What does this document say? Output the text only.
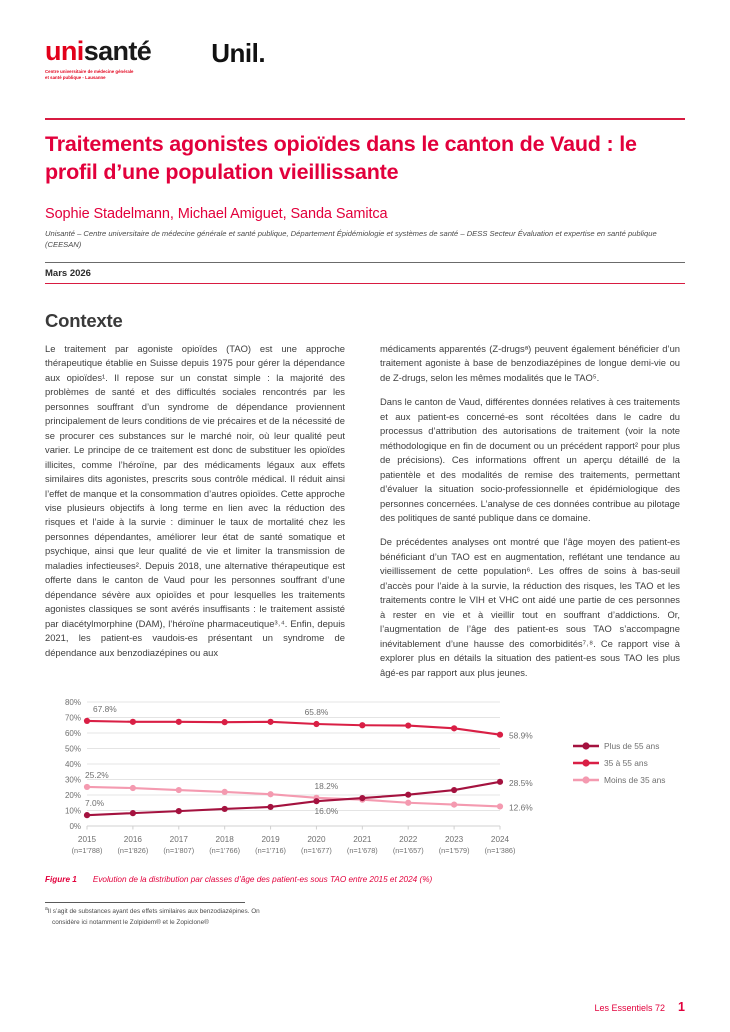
unisanté
Centre universitaire de médecine générale
et santé publique - Lausanne
Unil.
Traitements agonistes opioïdes dans le canton de Vaud : le profil d’une population vieillissante
Sophie Stadelmann, Michael Amiguet, Sanda Samitca
Unisanté – Centre universitaire de médecine générale et santé publique, Département Épidémiologie et systèmes de santé – DESS Secteur Évaluation et expertise en santé publique (CEESAN)
Mars 2026
Contexte

Le traitement par agoniste opioïdes (TAO) est une approche thérapeutique établie en Suisse depuis 1975 pour gérer la dépendance aux opioïdes¹. Il repose sur un constat simple : la majorité des problèmes de santé et des difficultés sociales rencontrés par les personnes souffrant d’un syndrome de dépendance proviennent principalement de leurs conditions de vie précaires et de la nécessité de se procurer ces substances sur le marché noir, où leur qualité peut varier. Le principe de ce traitement est donc de substituer les opioïdes illicites, comme l’héroïne, par des médicaments légaux aux effets similaires dits agonistes, prescrits sous contrôle médical. Il réduit ainsi l’effet de manque et la consommation d’autres opioïdes. Cette approche vise plusieurs objectifs à long terme en lien avec la réduction des risques et l’aide à la survie : diminuer le taux de mortalité chez les personnes dépendantes, améliorer leur état de santé somatique et psychique, ainsi que leur qualité de vie et limiter la transmission de maladies infectieuses². Depuis 2018, une alternative thérapeutique est offerte dans le canton de Vaud pour les personnes souffrant d’une dépendance sévère aux opioïdes et pour lesquelles les traitements agonistes classiques se sont avérés insuffisants : le traitement assisté par diacétylmorphine (DAM), l’héroïne pharmaceutique³˒⁴. Enfin, depuis 2021, les patient-es vaudois-es présentant un syndrome de dépendance aux benzodiazépines ou aux

médicaments apparentés (Z-drugsᵃ) peuvent également bénéficier d’un traitement agoniste à base de benzodiazépines de longue demi-vie ou de Z-drugs, selon les mêmes modalités que le TAO⁵.

Dans le canton de Vaud, différentes données relatives à ces traitements et aux patient-es concerné-es sont récoltées dans le cadre du processus d’attribution des autorisations de traitement (voir la note méthodologique en fin de document ou un précédent rapport² pour plus de précisions). Ces informations offrent un aperçu détaillé de la patientèle et des modalités de remise des traitements, permettant d’évaluer la situation socio-professionnelle et épidémiologique des personnes concernées. L’analyse de ces données contribue au pilotage des politiques de santé publique dans ce domaine.

De précédentes analyses ont montré que l’âge moyen des patient-es bénéficiant d’un TAO est en augmentation, reflétant une tendance au vieillissement de cette population⁶. Les offres de soins à bas-seuil d’accès pour l’aide à la survie, la réduction des risques, les TAO et les traitements contre le VIH et VHC ont aidé une partie de ces personnes à rester en vie et à vieillir tout en souffrant d’addictions. Or, l’augmentation de l’âge des patient-es sous TAO s’accompagne inévitablement d’une hausse des comorbidités⁷˒⁸. Ce rapport vise à explorer plus en détails la situation des patient-es sous TAO les plus âgé-es par rapport aux plus jeunes.

0%
10%
20%
30%
40%
50%
60%
70%
80%
2015
(n=1'788)
2016
(n=1'826)
2017
(n=1'807)
2018
(n=1'766)
2019
(n=1'716)
2020
(n=1'677)
2021
(n=1'678)
2022
(n=1'657)
2023
(n=1'579)
2024
(n=1'386)
67.8%	65.8%
58.9%
25.2%
18.2%
12.6%
7.0%
16.0%
28.5%
Plus de 55 ans
35 à 55 ans
Moins de 35 ans
Figure 1 Evolution de la distribution par classes d’âge des patient-es sous TAO entre 2015 et 2024 (%)
$^a$Il s’agit de substances ayant des effets similaires aux benzodiazépines. On
considère ici notamment le Zolpidem® et le Zopiclone®
Les Essentiels 72 1
